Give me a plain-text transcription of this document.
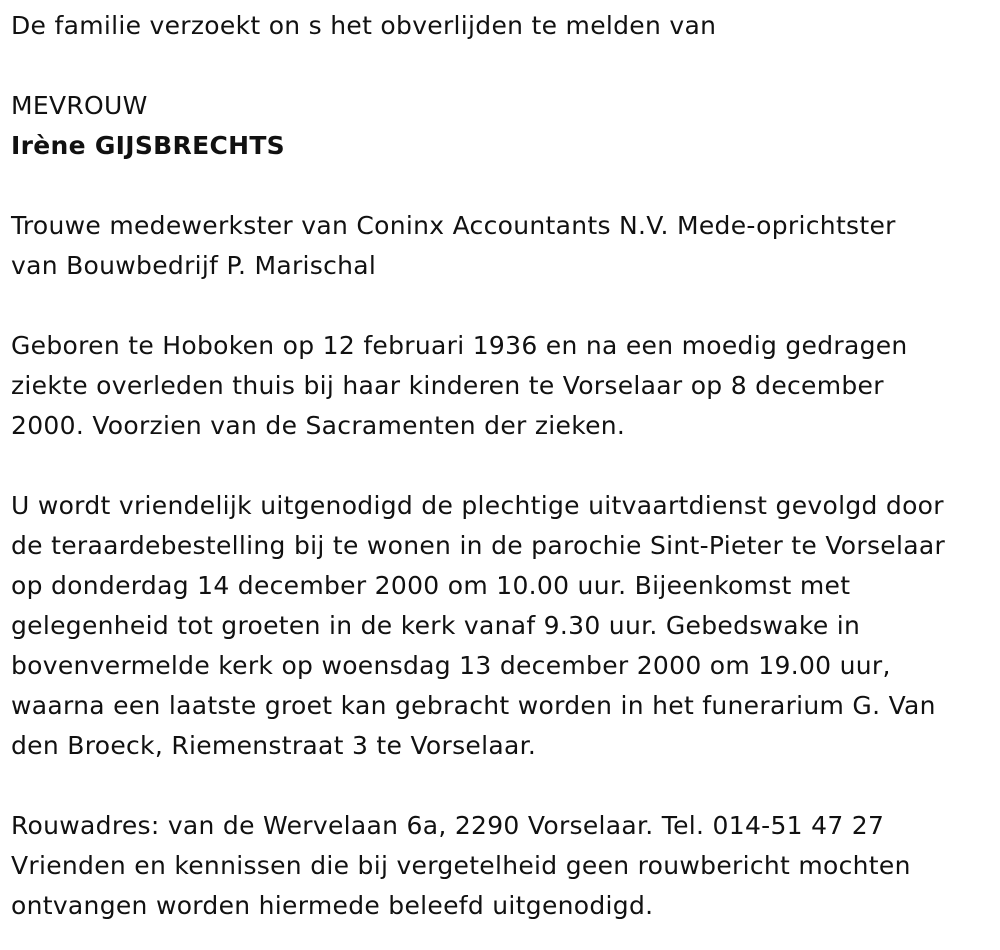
De familie verzoekt on s het obverlijden te melden van
MEVROUW
Irène GIJSBRECHTS
Trouwe medewerkster van Coninx Accountants N.V. Mede-oprichtster
van Bouwbedrijf P. Marischal
Geboren te Hoboken op 12 februari 1936 en na een moedig gedragen
ziekte overleden thuis bij haar kinderen te Vorselaar op 8 december
2000. Voorzien van de Sacramenten der zieken.
U wordt vriendelijk uitgenodigd de plechtige uitvaartdienst gevolgd door
de teraardebestelling bij te wonen in de parochie Sint-Pieter te Vorselaar
op donderdag 14 december 2000 om 10.00 uur. Bijeenkomst met
gelegenheid tot groeten in de kerk vanaf 9.30 uur. Gebedswake in
bovenvermelde kerk op woensdag 13 december 2000 om 19.00 uur,
waarna een laatste groet kan gebracht worden in het funerarium G. Van
den Broeck, Riemenstraat 3 te Vorselaar.
Rouwadres: van de Wervelaan 6a, 2290 Vorselaar. Tel. 014-51 47 27
Vrienden en kennissen die bij vergetelheid geen rouwbericht mochten
ontvangen worden hiermede beleefd uitgenodigd.
